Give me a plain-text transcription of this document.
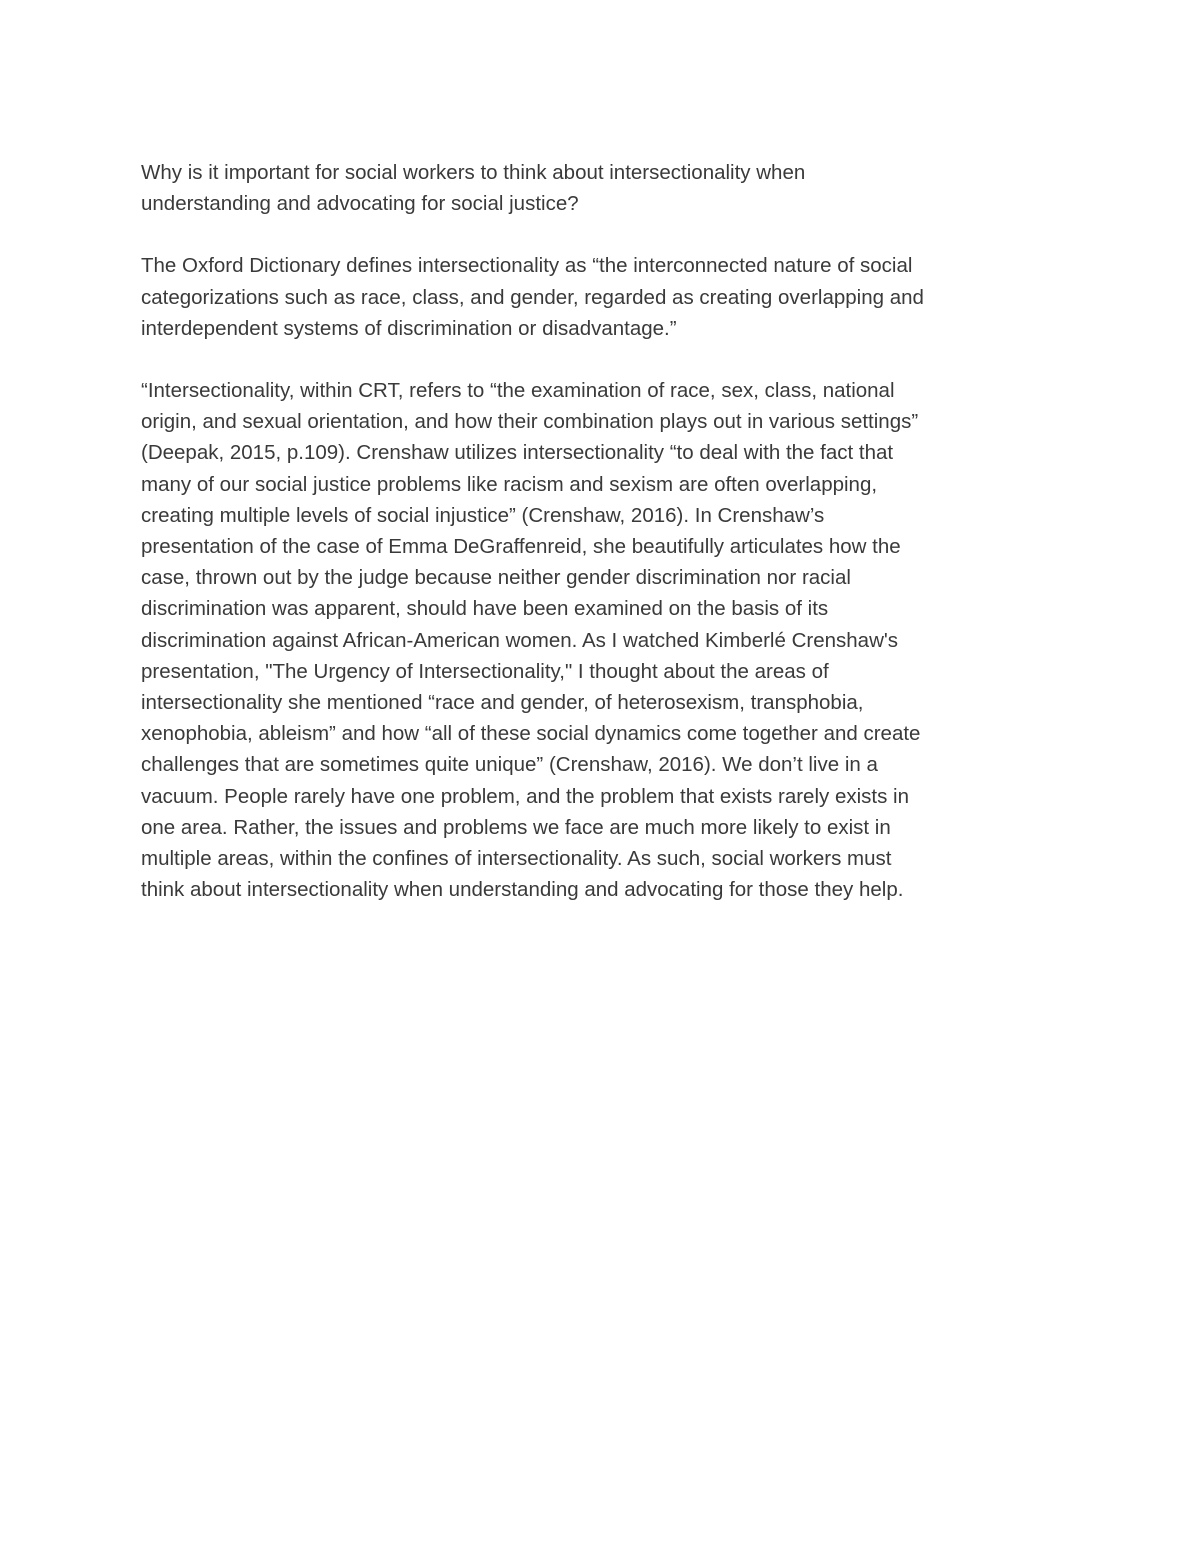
Why is it important for social workers to think about intersectionality when
understanding and advocating for social justice?

The Oxford Dictionary defines intersectionality as “the interconnected nature of social
categorizations such as race, class, and gender, regarded as creating overlapping and
interdependent systems of discrimination or disadvantage.”

“Intersectionality, within CRT, refers to “the examination of race, sex, class, national
origin, and sexual orientation, and how their combination plays out in various settings”
(Deepak, 2015, p.109). Crenshaw utilizes intersectionality “to deal with the fact that
many of our social justice problems like racism and sexism are often overlapping,
creating multiple levels of social injustice” (Crenshaw, 2016). In Crenshaw’s
presentation of the case of Emma DeGraffenreid, she beautifully articulates how the
case, thrown out by the judge because neither gender discrimination nor racial
discrimination was apparent, should have been examined on the basis of its
discrimination against African-American women. As I watched Kimberlé Crenshaw's
presentation, "The Urgency of Intersectionality," I thought about the areas of
intersectionality she mentioned “race and gender, of heterosexism, transphobia,
xenophobia, ableism” and how “all of these social dynamics come together and create
challenges that are sometimes quite unique” (Crenshaw, 2016). We don’t live in a
vacuum. People rarely have one problem, and the problem that exists rarely exists in
one area. Rather, the issues and problems we face are much more likely to exist in
multiple areas, within the confines of intersectionality. As such, social workers must
think about intersectionality when understanding and advocating for those they help.
